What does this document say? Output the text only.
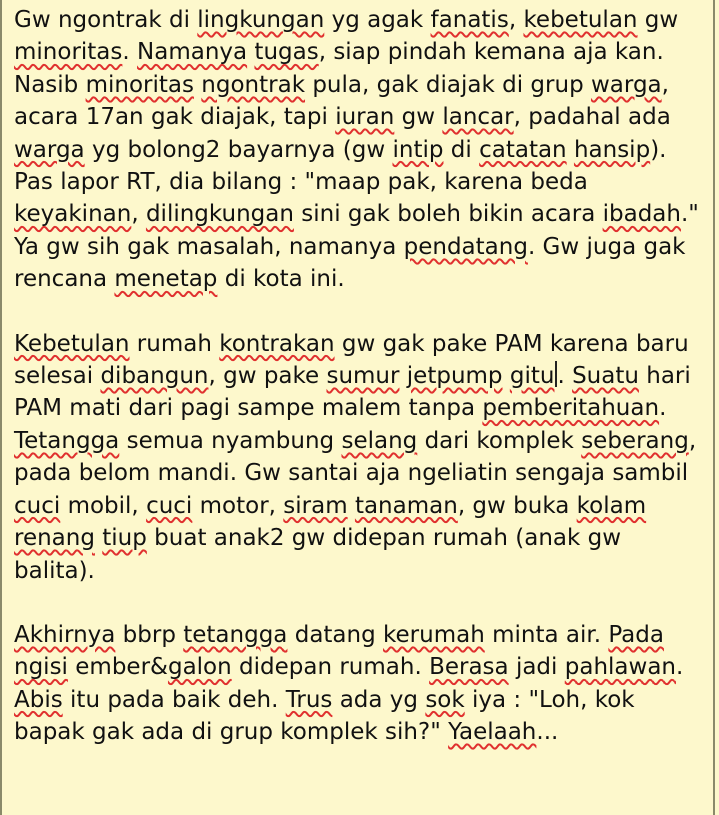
Gw ngontrak di lingkungan yg agak fanatis, kebetulan gw minoritas. Namanya tugas, siap pindah kemana aja kan. Nasib minoritas ngontrak pula, gak diajak di grup warga, acara 17an gak diajak, tapi iuran gw lancar, padahal ada warga yg bolong2 bayarnya (gw intip di catatan hansip). Pas lapor RT, dia bilang : "maap pak, karena beda keyakinan, dilingkungan sini gak boleh bikin acara ibadah." Ya gw sih gak masalah, namanya pendatang. Gw juga gak rencana menetap di kota ini.

Kebetulan rumah kontrakan gw gak pake PAM karena baru selesai dibangun, gw pake sumur jetpump gitu . Suatu hari PAM mati dari pagi sampe malem tanpa pemberitahuan. Tetangga semua nyambung selang dari komplek seberang, pada belom mandi. Gw santai aja ngeliatin sengaja sambil cuci mobil, cuci motor, siram tanaman, gw buka kolam renang tiup buat anak2 gw didepan rumah (anak gw balita).

Akhirnya bbrp tetangga datang kerumah minta air. Pada ngisi ember&galon didepan rumah. Berasa jadi pahlawan. Abis itu pada baik deh. Trus ada yg sok iya : "Loh, kok bapak gak ada di grup komplek sih?" Yaelaah...
